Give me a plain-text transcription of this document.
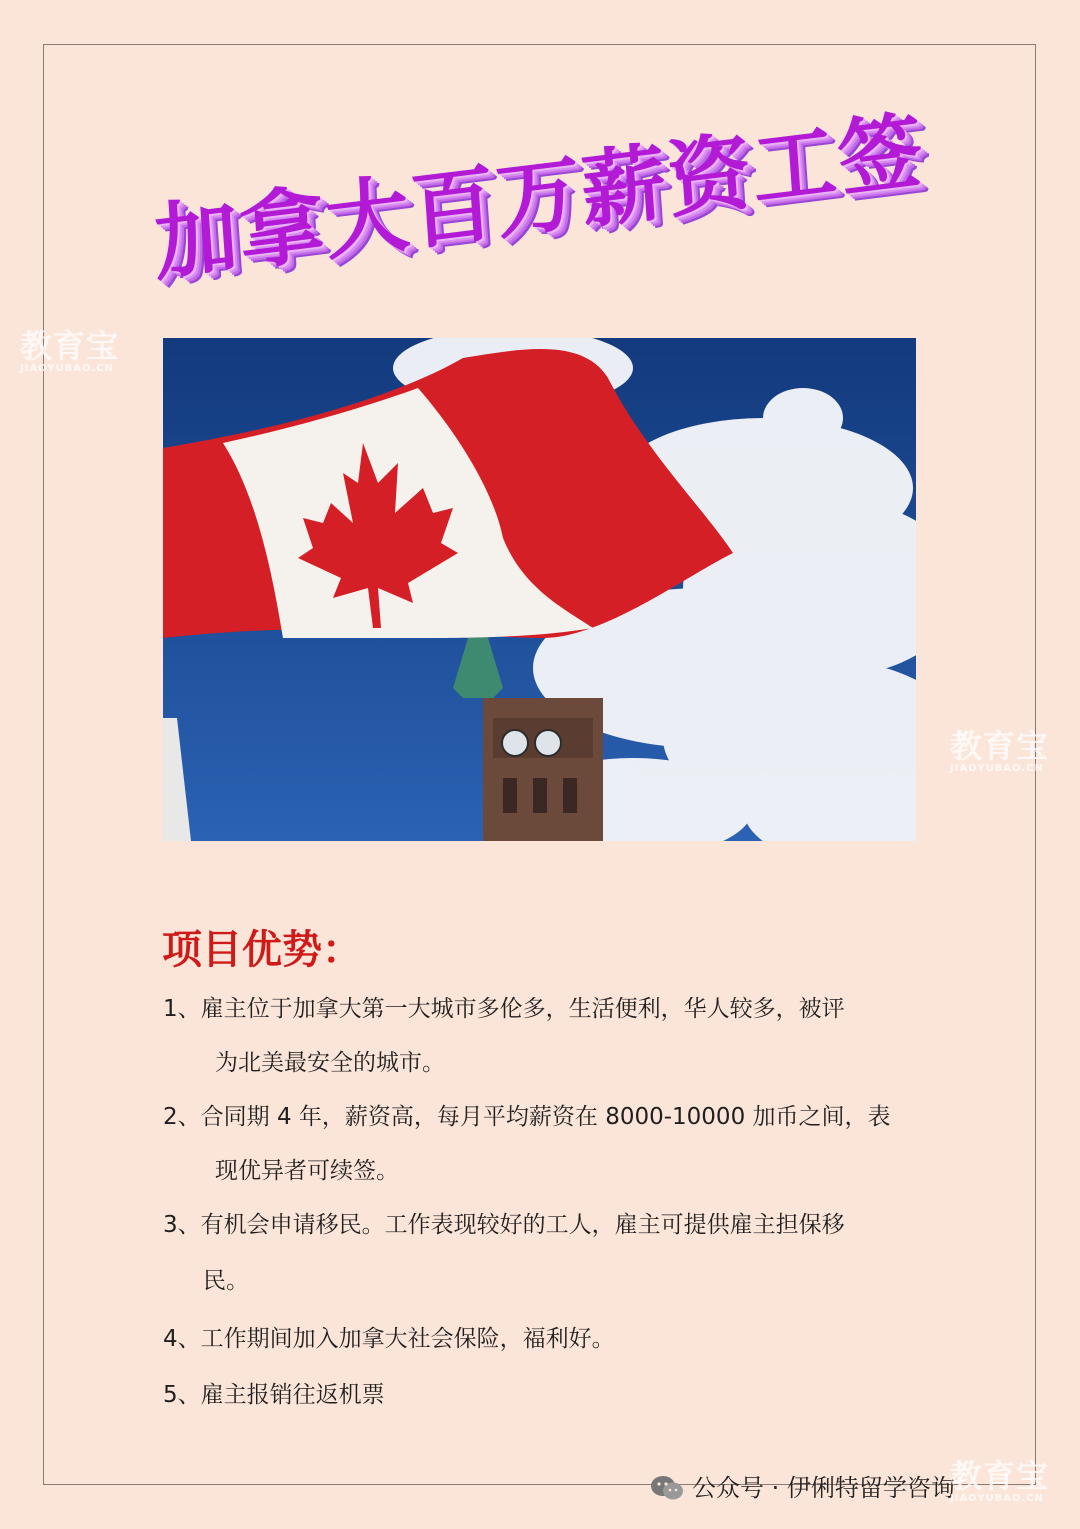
加拿大百万薪资工签
教育宝
JIAOYUBAO.CN
教育宝
JIAOYUBAO.CN
项目优势：
1、雇主位于加拿大第一大城市多伦多，生活便利，华人较多，被评
为北美最安全的城市。
2、合同期 4 年，薪资高，每月平均薪资在 8000-10000 加币之间，表
现优异者可续签。
3、有机会申请移民。工作表现较好的工人，雇主可提供雇主担保移
民。
4、工作期间加入加拿大社会保险，福利好。
5、雇主报销往返机票
公众号 · 伊俐特留学咨询
教育宝
JIAOYUBAO.CN
